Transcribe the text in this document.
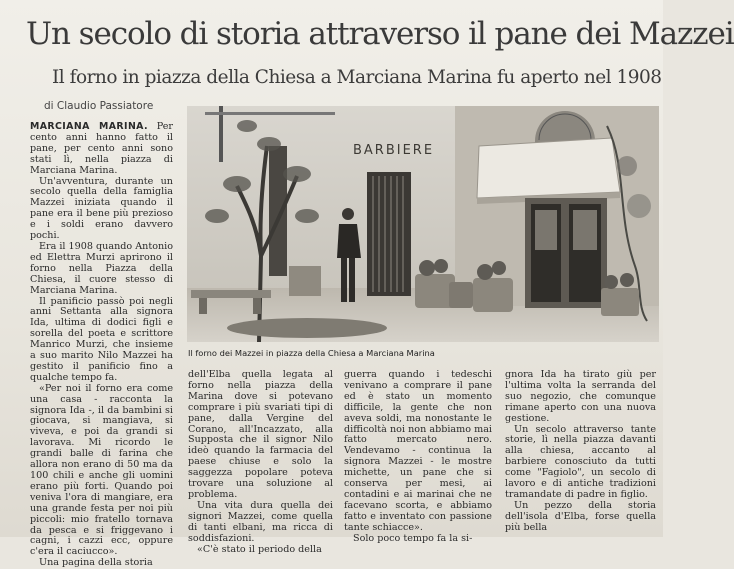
Un secolo di storia attraverso il pane dei Mazzei
Il forno in piazza della Chiesa a Marciana Marina fu aperto nel 1908
di Claudio Passiatore

MARCIANA MARINA. Per cento anni hanno fatto il pane, per cento anni sono stati lì, nella piazza di Marciana Marina.

Un'avventura, durante un secolo quella della famiglia Mazzei iniziata quando il pane era il bene più prezioso e i soldi erano davvero pochi.

Era il 1908 quando Antonio ed Elettra Murzi aprirono il forno nella Piazza della Chiesa, il cuore stesso di Marciana Marina.

Il panificio passò poi negli anni Settanta alla signora Ida, ultima di dodici figli e sorella del poeta e scrittore Manrico Murzi, che insieme a suo marito Nilo Mazzei ha gestito il panificio fino a qualche tempo fa.

«Per noi il forno era come una casa - racconta la signora Ida -, il da bambini si giocava, si mangiava, si viveva, e poi da grandi si lavorava. Mi ricordo le grandi balle di farina che allora non erano di 50 ma da 100 chili e anche gli uomini erano più forti. Quando poi veniva l'ora di mangiare, era una grande festa per noi più piccoli: mio fratello tornava da pesca e si friggevano i cagni, i cazzi ecc, oppure c'era il caciucco».

Una pagina della storia

BARBIERE
Il forno dei Mazzei in piazza della Chiesa a Marciana Marina

dell'Elba quella legata al forno nella piazza della Marina dove si potevano comprare i più svariati tipi di pane, dalla Vergine del Corano, all'Incazzato, alla Supposta che il signor Nilo ideò quando la farmacia del paese chiuse e solo la saggezza popolare poteva trovare una soluzione al problema.

Una vita dura quella dei signori Mazzei, come quella di tanti elbani, ma ricca di soddisfazioni.

«C'è stato il periodo della

guerra quando i tedeschi venivano a comprare il pane ed è stato un momento difficile, la gente che non aveva soldi, ma nonostante le difficoltà noi non abbiamo mai fatto mercato nero. Vendevamo - continua la signora Mazzei - le mostre michette, un pane che si conserva per mesi, ai contadini e ai marinai che ne facevano scorta, e abbiamo fatto e inventato con passione tante schiacce».

Solo poco tempo fa la si-

gnora Ida ha tirato giù per l'ultima volta la serranda del suo negozio, che comunque rimane aperto con una nuova gestione.

Un secolo attraverso tante storie, lì nella piazza davanti alla chiesa, accanto al barbiere conosciuto da tutti come "Fagiolo", un secolo di lavoro e di antiche tradizioni tramandate di padre in figlio.

Un pezzo della storia dell'isola d'Elba, forse quella più bella
